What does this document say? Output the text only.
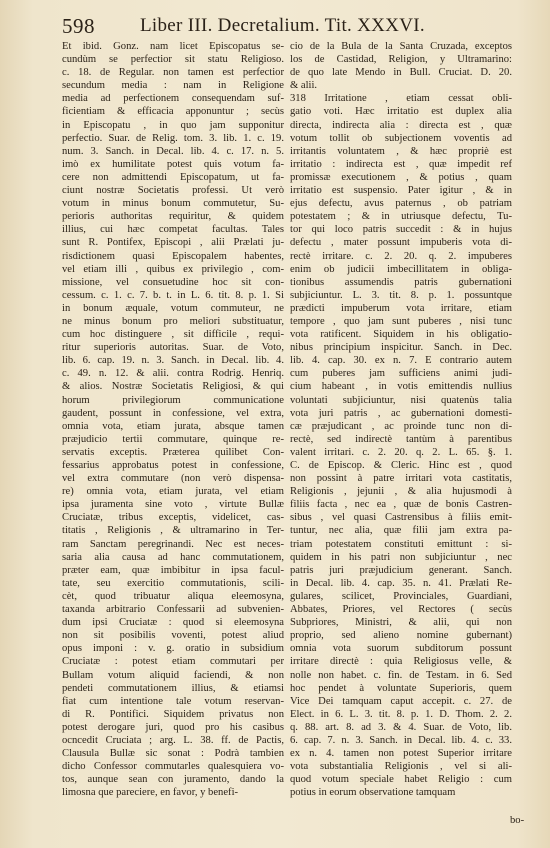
598 Liber III. Decretalium. Tit. XXXVI.
Et ibid. Gonz. nam licet Episcopatus se-
cundùm se perfectior sit statu Religioso.
c. 18. de Regular. non tamen est perfectior
secundum media : nam in Religione
media ad perfectionem consequendam suf-
ficientiam & efficacia apponuntur ; secùs
in Episcopatu , in quo jam supponitur
perfectio. Suar. de Relig. tom. 3. lib. 1. c. 19.
num. 3. Sanch. in Decal. lib. 4. c. 17. n. 5.
imò ex humilitate potest quis votum fa-
cere non admittendi Episcopatum, ut fa-
ciunt nostræ Societatis professi. Ut verò
votum in minus bonum commutetur, Su-
perioris authoritas requiritur, & quidem
illius, cui hæc competat facultas. Tales
sunt R. Pontifex, Episcopi , alii Prælati ju-
risdictionem quasi Episcopalem habentes,
vel etiam illi , quibus ex privilegio , com-
missione, vel consuetudine hoc sit con-
cessum. c. 1. c. 7. b. t. in L. 6. tit. 8. p. 1. Si
in bonum æquale, votum commuteur, ne
ne minus bonum pro meliori substituatur,
cum hoc distinguere , sit difficile , requi-
ritur superioris autoritas. Suar. de Voto,
lib. 6. cap. 19. n. 3. Sanch. in Decal. lib. 4.
c. 49. n. 12. & alii. contra Rodrig. Henriq.
& alios. Nostræ Societatis Religiosi, & qui
horum privilegiorum communicatione
gaudent, possunt in confessione, vel extra,
omnia vota, etiam jurata, absque tamen
præjudicio tertii commutare, quinque re-
servatis exceptis. Præterea quilibet Con-
fessarius approbatus potest in confessione,
vel extra commutare (non verò dispensa-
re) omnia vota, etiam jurata, vel etiam
ipsa juramenta sine voto , virtute Bullæ
Cruciatæ, tribus exceptis, videlicet, cas-
titatis , Religionis , & ultramarino in Ter-
ram Sanctam peregrinandi. Nec est neces-
saria alia causa ad hanc commutationem,
præter eam, quæ imbibitur in ipsa facul-
tate, seu exercitio commutationis, scili-
cèt, quod tribuatur aliqua eleemosyna,
taxanda arbitrario Confessarii ad subvenien-
dum ipsi Cruciatæ : quod si eleemosyna
non sit posibilis voventi, potest aliud
opus imponi : v. g. oratio in subsidium
Cruciatæ : potest etiam commutari per
Bullam votum aliquid faciendi, & non
pendeti commutationem illius, & etiamsi
fiat cum intentione tale votum reservan-
di R. Pontifici. Siquidem privatus non
potest derogare juri, quod pro his casibus
ocncedit Cruciata ; arg. L. 38. ff. de Pactis,
Clausula Bullæ sic sonat : Podrà tambien
dicho Confessor commutarles qualesquiera vo-
tos, aunque sean con juramento, dando la
limosna que pareciere, en favor, y benefi-
cio de la Bula de la Santa Cruzada, exceptos
los de Castidad, Religion, y Ultramarino:
de quo late Mendo in Bull. Cruciat. D. 20.
& alii.
318 Irritatione , etiam cessat obli-
gatio voti. Hæc irritatio est duplex alia
directa, indirecta alia : directa est , quæ
votum tollit ob subjectionem voventis ad
irritantis voluntatem , & hæc propriè est
irritatio : indirecta est , quæ impedit ref
promissæ executionem , & potius , quam
irritatio est suspensio. Pater igitur , & in
ejus defectu, avus paternus , ob patriam
potestatem ; & in utriusque defectu, Tu-
tor qui loco patris succedit : & in hujus
defectu , mater possunt impuberis vota di-
rectè irritare. c. 2. 20. q. 2. impuberes
enim ob judicii imbecillitatem in obliga-
tionibus assumendis patris gubernationi
subjiciuntur. L. 3. tit. 8. p. 1. possuntque
prædicti impuberum vota irritare, etiam
tempore , quo jam sunt puberes , nisi tunc
vota ratificent. Siquidem in his obligatio-
nibus principium inspicitur. Sanch. in Dec.
lib. 4. cap. 30. ex n. 7. E contrario autem
cum puberes jam sufficiens animi judi-
cium habeant , in votis emittendis nullius
voluntati subjiciuntur, nisi quatenùs talia
vota juri patris , ac gubernationi domesti-
cæ præjudicant , ac proinde tunc non di-
rectè, sed indirectè tantùm à parentibus
valent irritari. c. 2. 20. q. 2. L. 65. §. 1.
C. de Episcop. & Cleric. Hinc est , quod
non possint à patre irritari vota castitatis,
Religionis , jejunii , & alia hujusmodi à
filiis facta , nec ea , quæ de bonis Castren-
sibus , vel quasi Castrensibus à filiis emit-
tuntur, nec alia, quæ filii jam extra pa-
triam potestatem constituti emittunt : si-
quidem in his patri non subjiciuntur , nec
patris juri præjudicium generant. Sanch.
in Decal. lib. 4. cap. 35. n. 41. Prælati Re-
gulares, scilicet, Provinciales, Guardiani,
Abbates, Priores, vel Rectores ( secùs
Subpriores, Ministri, & alii, qui non
proprio, sed alieno nomine gubernant)
omnia vota suorum subditorum possunt
irritare directè : quia Religiosus velle, &
nolle non habet. c. fin. de Testam. in 6. Sed
hoc pendet à voluntate Superioris, quem
Vice Dei tamquam caput accepit. c. 27. de
Elect. in 6. L. 3. tit. 8. p. 1. D. Thom. 2. 2.
q. 88. art. 8. ad 3. & 4. Suar. de Voto, lib.
6. cap. 7. n. 3. Sanch. in Decal. lib. 4. c. 33.
ex n. 4. tamen non potest Superior irritare
vota substantialia Religionis , vel si ali-
quod votum speciale habet Religio : cum
potius in eorum observatione tamquam
bo-
